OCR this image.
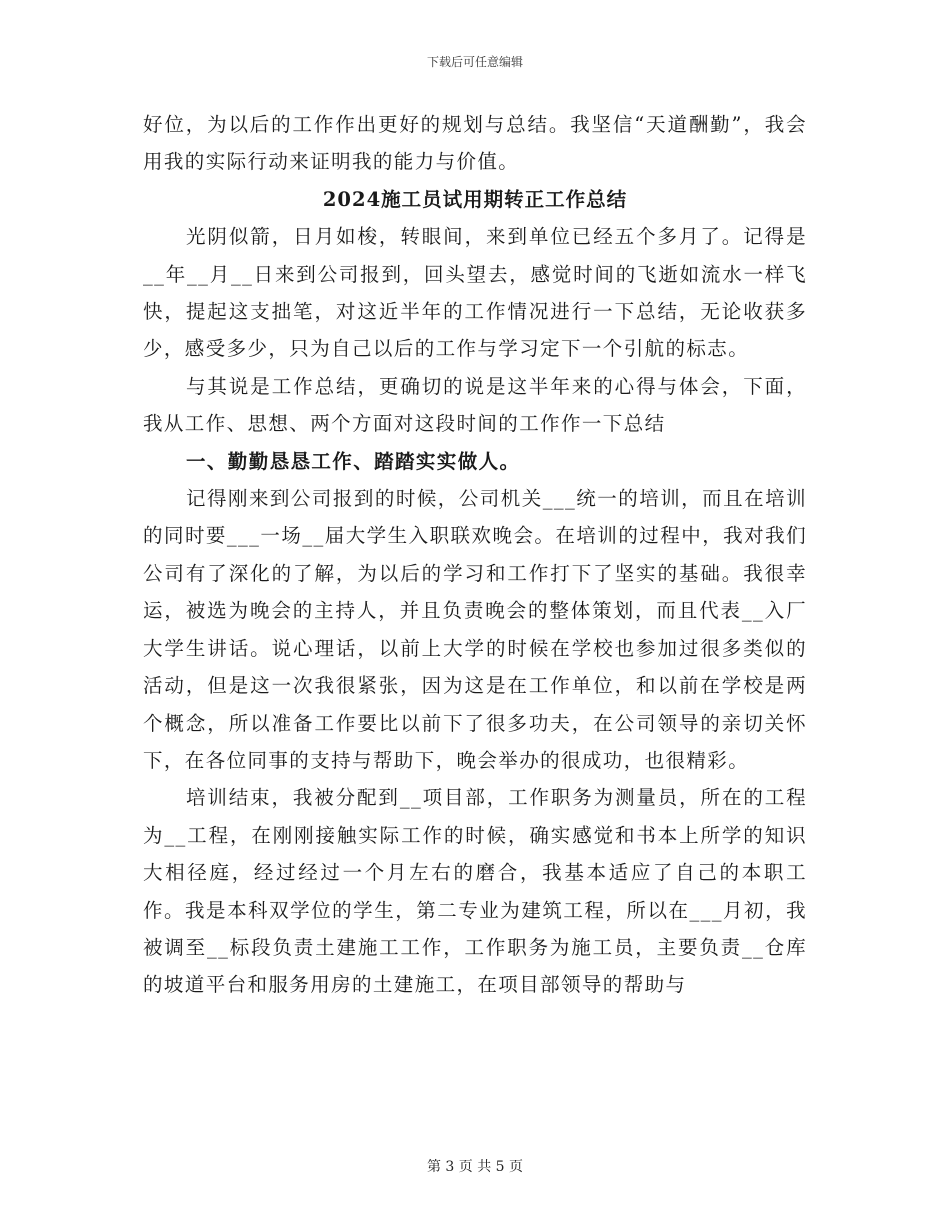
下载后可任意编辑

好位，为以后的工作作出更好的规划与总结。我坚信“天道酬勤”，我会用我的实际行动来证明我的能力与价值。

2024施工员试用期转正工作总结

光阴似箭，日月如梭，转眼间，来到单位已经五个多月了。记得是__年__月__日来到公司报到，回头望去，感觉时间的飞逝如流水一样飞快，提起这支拙笔，对这近半年的工作情况进行一下总结，无论收获多少，感受多少，只为自己以后的工作与学习定下一个引航的标志。

与其说是工作总结，更确切的说是这半年来的心得与体会，下面，我从工作、思想、两个方面对这段时间的工作作一下总结

一、勤勤恳恳工作、踏踏实实做人。

记得刚来到公司报到的时候，公司机关___统一的培训，而且在培训的同时要___一场__届大学生入职联欢晚会。在培训的过程中，我对我们公司有了深化的了解，为以后的学习和工作打下了坚实的基础。我很幸运，被选为晚会的主持人，并且负责晚会的整体策划，而且代表__入厂大学生讲话。说心理话，以前上大学的时候在学校也参加过很多类似的活动，但是这一次我很紧张，因为这是在工作单位，和以前在学校是两个概念，所以准备工作要比以前下了很多功夫，在公司领导的亲切关怀下，在各位同事的支持与帮助下，晚会举办的很成功，也很精彩。

培训结束，我被分配到__项目部，工作职务为测量员，所在的工程为__工程，在刚刚接触实际工作的时候，确实感觉和书本上所学的知识大相径庭，经过经过一个月左右的磨合，我基本适应了自己的本职工作。我是本科双学位的学生，第二专业为建筑工程，所以在___月初，我被调至__标段负责土建施工工作，工作职务为施工员，主要负责__仓库的坡道平台和服务用房的土建施工，在项目部领导的帮助与

第 3 页 共 5 页
